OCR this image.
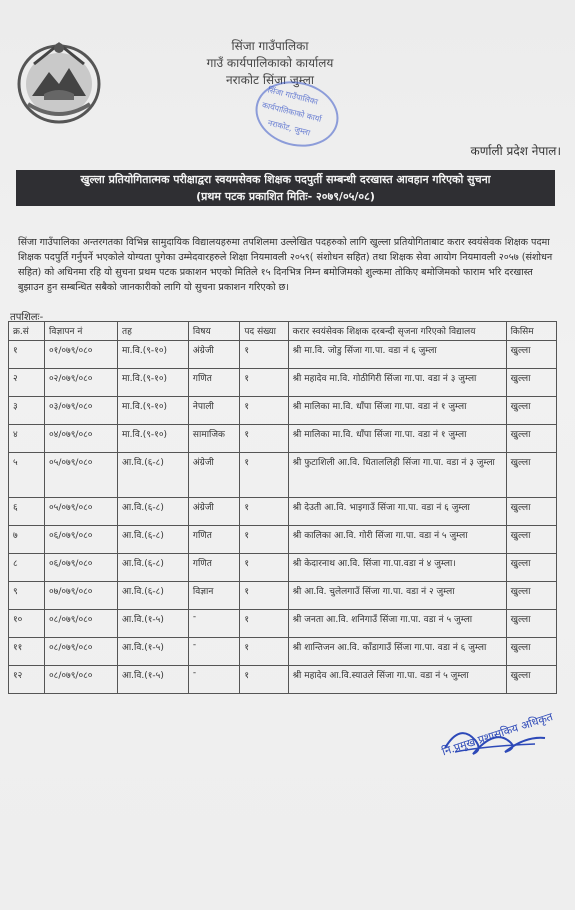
सिंजा गाउँपालिका
गाउँ कार्यपालिकाको कार्यालय
नराकोट सिंजा जुम्ला
सिंजा गाउँपालिका
कार्यपालिकाको कार्या
नराकोट, जुम्ला
कर्णाली प्रदेश नेपाल।
खुल्ला प्रतियोगितात्मक परीक्षाद्वरा स्वयमसेवक शिक्षक पदपुर्ती सम्बन्धी दरखास्त आवहान गरिएको सुचना
(प्रथम पटक प्रकाशित मितिः- २०७९/०५/०८)
सिंजा गाउँपालिका अन्तरगतका विभिन्न सामुदायिक विद्यालयहरुमा तपशिलमा उल्लेखित पदहरुको लागि खुल्ला प्रतियोगिताबाट करार स्वयंसेवक शिक्षक पदमा शिक्षक पदपुर्ति गर्नुपर्ने भएकोले योग्यता पुगेका उम्मेदवारहरुले शिक्षा नियमावली २०५९( संशोधन सहित) तथा शिक्षक सेवा आयोग नियमावली २०५७ (संशोधन सहित) को अधिनमा रहि यो सुचना प्रथम पटक प्रकाशन भएको मितिले १५ दिनभित्र निम्न बमोजिमको शुल्कमा तोकिए बमोजिमको फाराम भरि दरखास्त बुझाउन हुन सम्बन्धित सबैको जानकारीको लागि यो सुचना प्रकाशन गरिएको छ।
तपशिलः-
क्र.सं	विज्ञापन नं	तह	विषय	पद संख्या	करार स्वयंसेवक शिक्षक दरबन्दी सृजना गरिएको विद्यालय	किसिम
१	०१/०७९/०८०	मा.वि.(९-१०)	अंग्रेजी	१	श्री मा.वि. जोडु सिंजा गा.पा. वडा नं ६ जुम्ला	खुल्ला
२	०२/०७९/०८०	मा.वि.(९-१०)	गणित	१	श्री महादेव मा.वि. गोठीगिरी सिंजा गा.पा. वडा नं ३ जुम्ला	खुल्ला
३	०३/०७९/०८०	मा.वि.(९-१०)	नेपाली	१	श्री मालिका मा.वि. धाँपा सिंजा गा.पा. वडा नं १ जुम्ला	खुल्ला
४	०४/०७९/०८०	मा.वि.(९-१०)	सामाजिक	१	श्री मालिका मा.वि. धाँपा सिंजा गा.पा. वडा नं १ जुम्ला	खुल्ला
५	०५/०७९/०८०	आ.वि.(६-८)	अंग्रेजी	१	श्री फुटाशिली आ.वि. धिताललिही सिंजा गा.पा. वडा नं ३ जुम्ला	खुल्ला
६	०५/०७९/०८०	आ.वि.(६-८)	अंग्रेजी	१	श्री देउती आ.वि. भाइगाउँ सिंजा गा.पा. वडा नं ६ जुम्ला	खुल्ला
७	०६/०७९/०८०	आ.वि.(६-८)	गणित	१	श्री कालिका आ.वि. गोरी सिंजा गा.पा. वडा नं ५ जुम्ला	खुल्ला
८	०६/०७९/०८०	आ.वि.(६-८)	गणित	१	श्री केदारनाथ आ.वि. सिंजा गा.पा.वडा नं ४ जुम्ला।	खुल्ला
९	०७/०७९/०८०	आ.वि.(६-८)	विज्ञान	१	श्री आ.वि. चुलेलगाउँ सिंजा गा.पा. वडा नं २ जुम्ला	खुल्ला
१०	०८/०७९/०८०	आ.वि.(१-५)	-	१	श्री जनता आ.वि. शनिगाउँ सिंजा गा.पा. वडा नं ५ जुम्ला	खुल्ला
११	०८/०७९/०८०	आ.वि.(१-५)	-	१	श्री शान्तिजन आ.वि. काँडागाउँ सिंजा गा.पा. वडा नं ६ जुम्ला	खुल्ला
१२	०८/०७९/०८०	आ.वि.(१-५)	-	१	श्री महादेव आ.वि.स्याउले सिंजा गा.पा. वडा नं ५ जुम्ला	खुल्ला
नि.प्रमुख प्रशासकिय अधिकृत
